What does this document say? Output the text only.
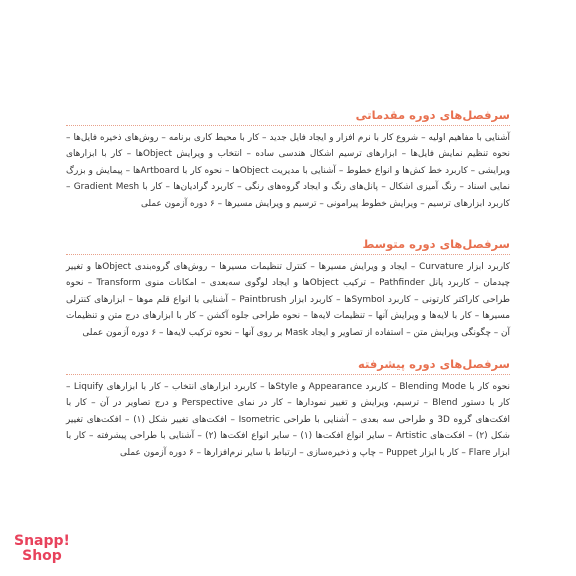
سرفصل‌های دوره مقدماتی

آشنایی با مفاهیم اولیه – شروع کار با نرم افزار و ایجاد فایل جدید – کار با محیط کاری برنامه – روش‌های ذخیره فایل‌ها – نحوه تنظیم نمایش فایل‌ها – ابزارهای ترسیم اشکال هندسی ساده – انتخاب و ویرایش Objectها – کار با ابزارهای ویرایشی – کاربرد خط کش‌ها و انواع خطوط – آشنایی با مدیریت Objectها – نحوه کار با Artboardها – پیمایش و بزرگ نمایی اسناد – رنگ آمیزی اشکال – پانل‌های رنگ و ایجاد گروه‌های رنگی – کاربرد گرادیان‌ها – کار با Gradient Mesh – کاربرد ابزارهای ترسیم – ویرایش خطوط پیرامونی – ترسیم و ویرایش مسیرها – ۶ دوره آزمون عملی

سرفصل‌های دوره متوسط

کاربرد ابزار Curvature – ایجاد و ویرایش مسیرها – کنترل تنظیمات مسیرها – روش‌های گروه‌بندی Objectها و تغییر چیدمان – کاربرد پانل Pathfinder – ترکیب Objectها و ایجاد لوگوی سه‌بعدی – امکانات منوی Transform – نحوه طراحی کاراکتر کارتونی – کاربرد Symbolها – کاربرد ابزار Paintbrush – آشنایی با انواع قلم موها – ابزارهای کنترلی مسیرها – کار با لایه‌ها و ویرایش آنها – تنظیمات لایه‌ها – نحوه طراحی جلوه آکشن – کار با ابزارهای درج متن و تنظیمات آن – چگونگی ویرایش متن – استفاده از تصاویر و ایجاد Mask بر روی آنها – نحوه ترکیب لایه‌ها – ۶ دوره آزمون عملی

سرفصل‌های دوره پیشرفته

نحوه کار با Blending Mode – کاربرد Appearance و Styleها – کاربرد ابزارهای انتخاب – کار با ابزارهای Liquify – کار با دستور Blend – ترسیم، ویرایش و تغییر نمودارها – کار در نمای Perspective و درج تصاویر در آن – کار با افکت‌های گروه 3D و طراحی سه بعدی – آشنایی با طراحی Isometric – افکت‌های تغییر شکل (۱) – افکت‌های تغییر شکل (۲) – افکت‌های Artistic – سایر انواع افکت‌ها (۱) – سایر انواع افکت‌ها (۲) – آشنایی با طراحی پیشرفته – کار با ابزار Flare – کار با ابزار Puppet – چاپ و ذخیره‌سازی – ارتباط با سایر نرم‌افزارها – ۶ دوره آزمون عملی

Snapp!
Shop
